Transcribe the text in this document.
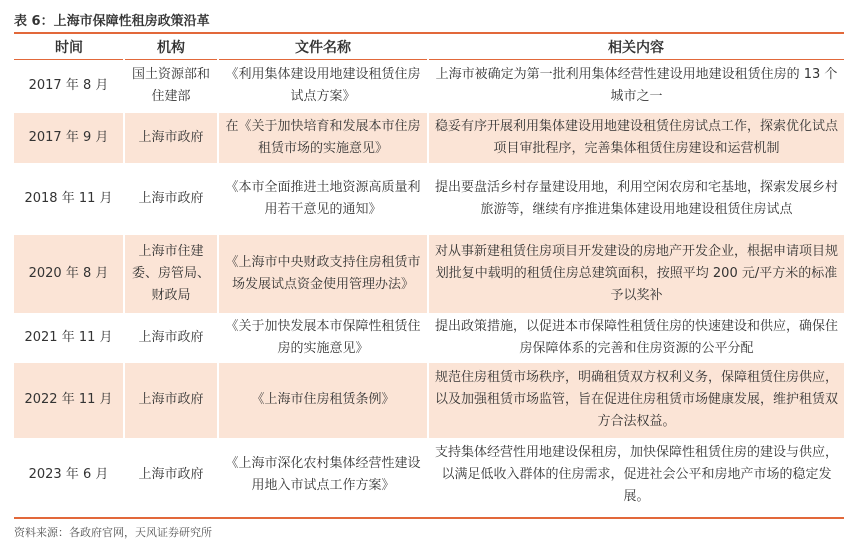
表 6：上海市保障性租房政策沿革
时间	机构	文件名称	相关内容
2017 年 8 月	国土资源部和住建部	《利用集体建设用地建设租赁住房试点方案》	上海市被确定为第一批利用集体经营性建设用地建设租赁住房的 13 个城市之一
2017 年 9 月	上海市政府	在《关于加快培育和发展本市住房租赁市场的实施意见》	稳妥有序开展利用集体建设用地建设租赁住房试点工作，探索优化试点项目审批程序，完善集体租赁住房建设和运营机制
2018 年 11 月	上海市政府	《本市全面推进土地资源高质量利用若干意见的通知》	提出要盘活乡村存量建设用地，利用空闲农房和宅基地，探索发展乡村旅游等，继续有序推进集体建设用地建设租赁住房试点
2020 年 8 月	上海市住建委、房管局、财政局	《上海市中央财政支持住房租赁市场发展试点资金使用管理办法》	对从事新建租赁住房项目开发建设的房地产开发企业，根据申请项目规划批复中载明的租赁住房总建筑面积，按照平均 200 元/平方米的标准予以奖补
2021 年 11 月	上海市政府	《关于加快发展本市保障性租赁住房的实施意见》	提出政策措施，以促进本市保障性租赁住房的快速建设和供应，确保住房保障体系的完善和住房资源的公平分配
2022 年 11 月	上海市政府	《上海市住房租赁条例》	规范住房租赁市场秩序，明确租赁双方权利义务，保障租赁住房供应，以及加强租赁市场监管，旨在促进住房租赁市场健康发展，维护租赁双方合法权益。
2023 年 6 月	上海市政府	《上海市深化农村集体经营性建设用地入市试点工作方案》	支持集体经营性用地建设保租房，加快保障性租赁住房的建设与供应，以满足低收入群体的住房需求，促进社会公平和房地产市场的稳定发展。
资料来源：各政府官网，天风证券研究所
